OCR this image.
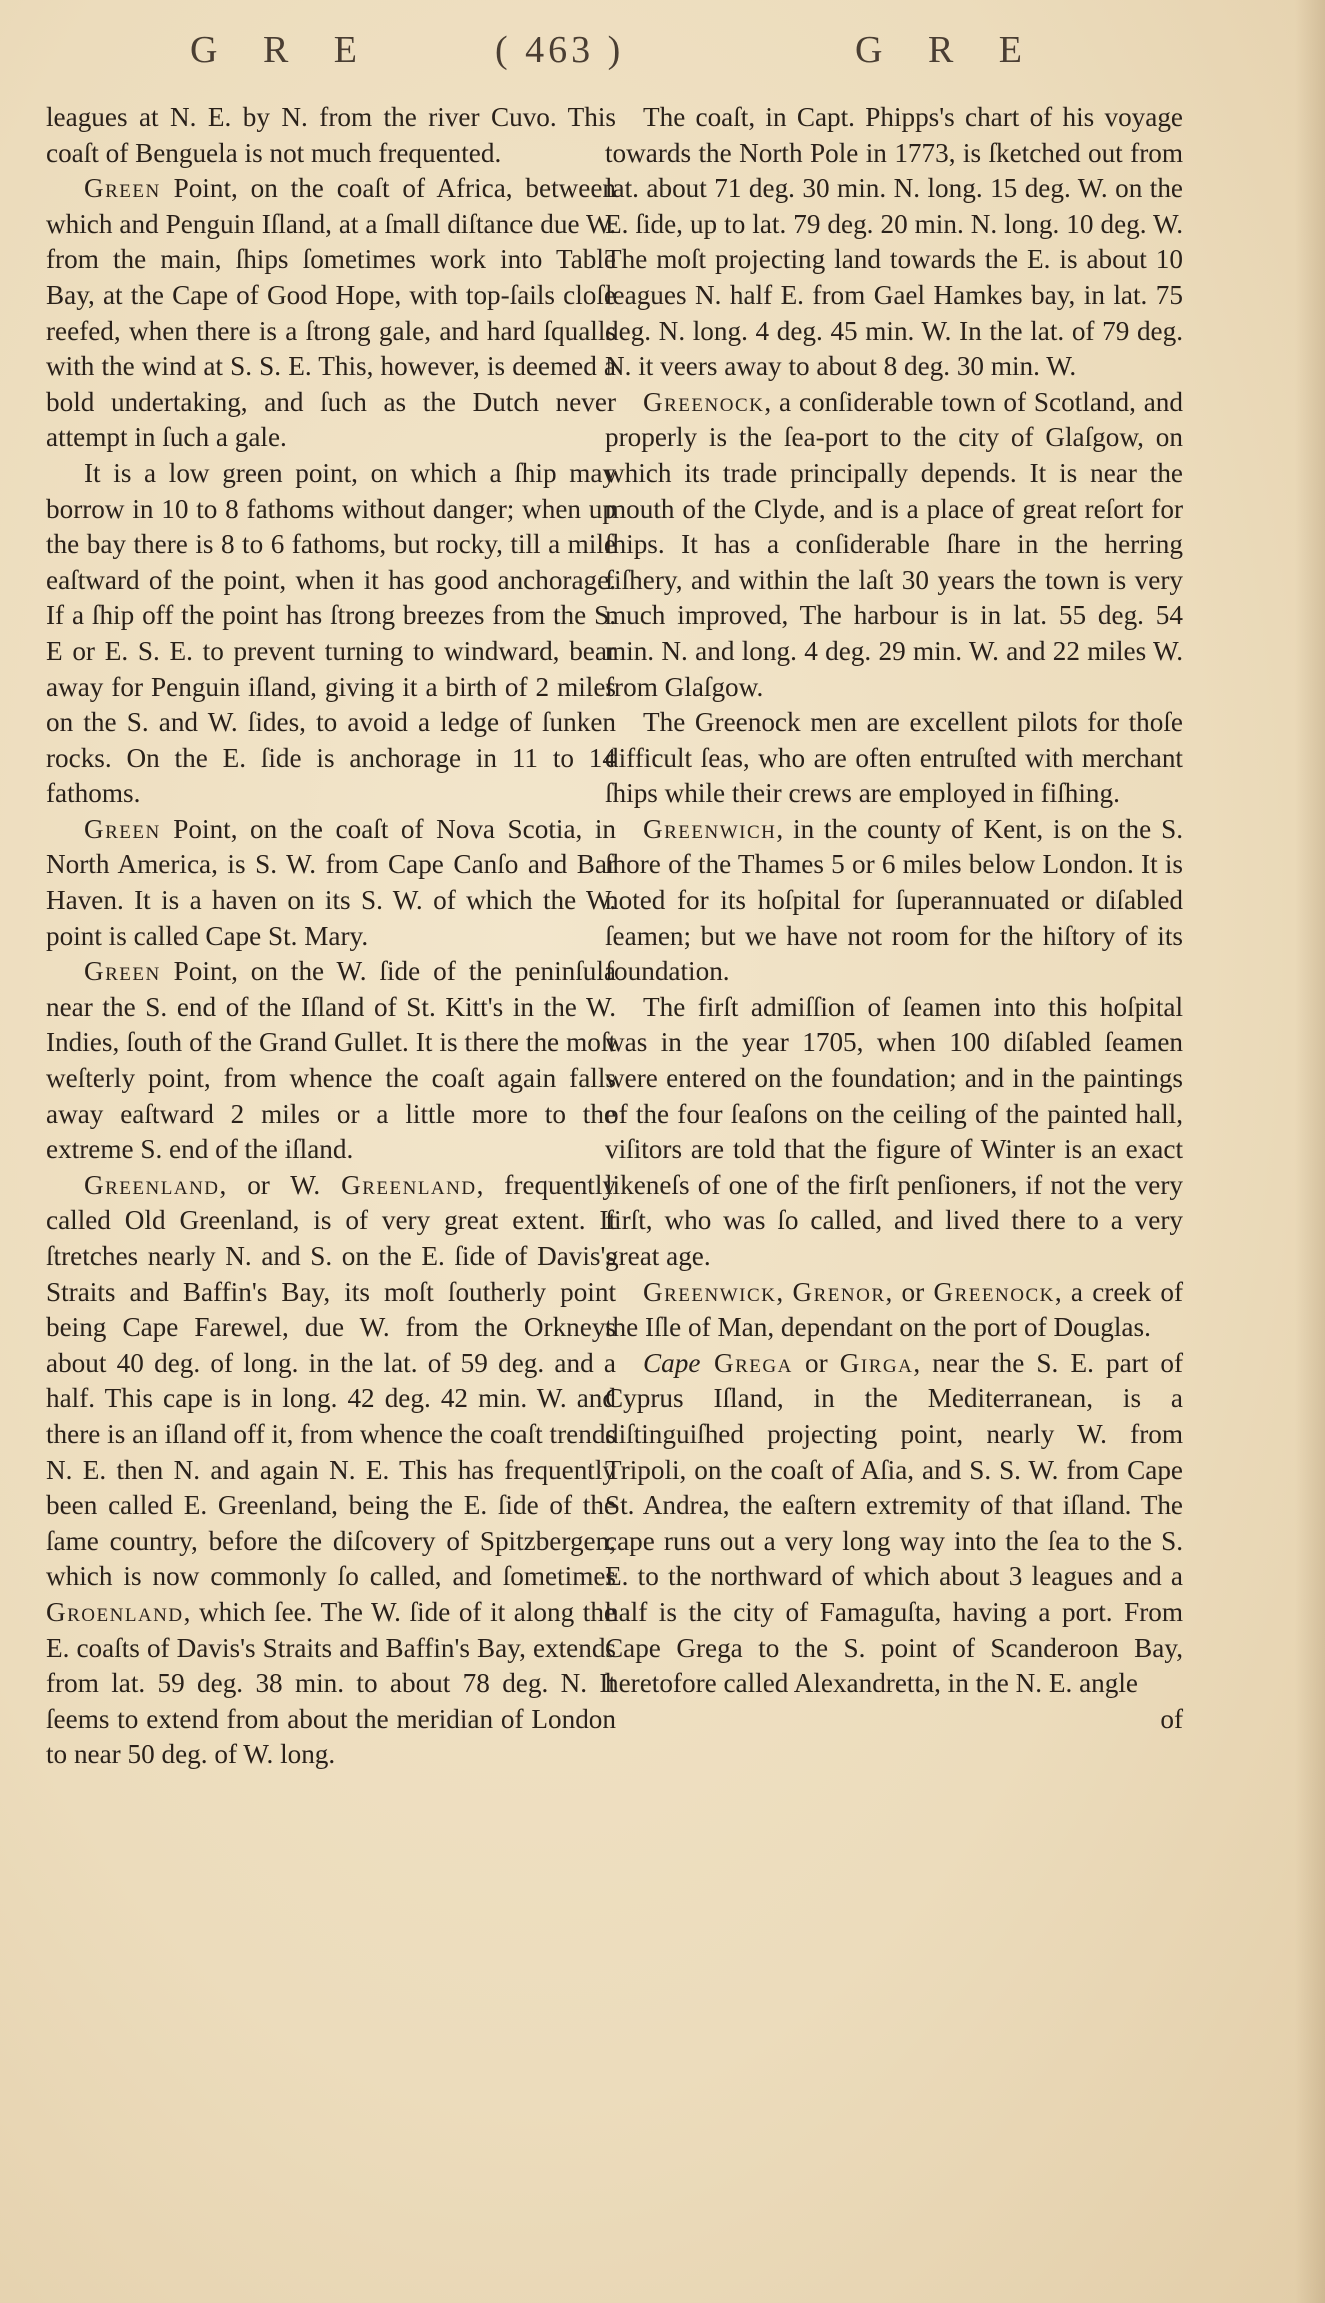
G R E	( 463 )	G R E

leagues at N. E. by N. from the river Cuvo. This coaſt of Benguela is not much frequented.

Green Point, on the coaſt of Africa, between which and Penguin Iſland, at a ſmall diſtance due W. from the main, ſhips ſometimes work into Table Bay, at the Cape of Good Hope, with top-ſails cloſe reefed, when there is a ſtrong gale, and hard ſqualls with the wind at S. S. E. This, however, is deemed a bold undertaking, and ſuch as the Dutch never attempt in ſuch a gale.

It is a low green point, on which a ſhip may borrow in 10 to 8 fathoms without danger; when up the bay there is 8 to 6 fathoms, but rocky, till a mile eaſtward of the point, when it has good anchorage. If a ſhip off the point has ſtrong breezes from the S. E or E. S. E. to prevent turning to windward, bear away for Penguin iſland, giving it a birth of 2 miles on the S. and W. ſides, to avoid a ledge of ſunken rocks. On the E. ſide is anchorage in 11 to 14 fathoms.

Green Point, on the coaſt of Nova Scotia, in North America, is S. W. from Cape Canſo and Bar Haven. It is a haven on its S. W. of which the W. point is called Cape St. Mary.

Green Point, on the W. ſide of the peninſula near the S. end of the Iſland of St. Kitt's in the W. Indies, ſouth of the Grand Gullet. It is there the moſt weſterly point, from whence the coaſt again falls away eaſtward 2 miles or a little more to the extreme S. end of the iſland.

Greenland, or W. Greenland, frequently called Old Greenland, is of very great extent. It ſtretches nearly N. and S. on the E. ſide of Davis's Straits and Baffin's Bay, its moſt ſoutherly point being Cape Farewel, due W. from the Orkneys about 40 deg. of long. in the lat. of 59 deg. and a half. This cape is in long. 42 deg. 42 min. W. and there is an iſland off it, from whence the coaſt trends N. E. then N. and again N. E. This has frequently been called E. Greenland, being the E. ſide of the ſame country, before the diſcovery of Spitzbergen, which is now commonly ſo called, and ſometimes Groenland, which ſee. The W. ſide of it along the E. coaſts of Davis's Straits and Baffin's Bay, extends from lat. 59 deg. 38 min. to about 78 deg. N. It ſeems to extend from about the meridian of London to near 50 deg. of W. long.

The coaſt, in Capt. Phipps's chart of his voyage towards the North Pole in 1773, is ſketched out from lat. about 71 deg. 30 min. N. long. 15 deg. W. on the E. ſide, up to lat. 79 deg. 20 min. N. long. 10 deg. W. The moſt projecting land towards the E. is about 10 leagues N. half E. from Gael Hamkes bay, in lat. 75 deg. N. long. 4 deg. 45 min. W. In the lat. of 79 deg. N. it veers away to about 8 deg. 30 min. W.

Greenock, a conſiderable town of Scotland, and properly is the ſea-port to the city of Glaſgow, on which its trade principally depends. It is near the mouth of the Clyde, and is a place of great reſort for ſhips. It has a conſiderable ſhare in the herring fiſhery, and within the laſt 30 years the town is very much improved, The harbour is in lat. 55 deg. 54 min. N. and long. 4 deg. 29 min. W. and 22 miles W. from Glaſgow.

The Greenock men are excellent pilots for thoſe difficult ſeas, who are often entruſted with merchant ſhips while their crews are employed in fiſhing.

Greenwich, in the county of Kent, is on the S. ſhore of the Thames 5 or 6 miles below London. It is noted for its hoſpital for ſuperannuated or diſabled ſeamen; but we have not room for the hiſtory of its foundation.

The firſt admiſſion of ſeamen into this hoſpital was in the year 1705, when 100 diſabled ſeamen were entered on the foundation; and in the paintings of the four ſeaſons on the ceiling of the painted hall, viſitors are told that the figure of Winter is an exact likeneſs of one of the firſt penſioners, if not the very firſt, who was ſo called, and lived there to a very great age.

Greenwick, Grenor, or Greenock, a creek of the Iſle of Man, dependant on the port of Douglas.

Cape Grega or Girga, near the S. E. part of Cyprus Iſland, in the Mediterranean, is a diſtinguiſhed projecting point, nearly W. from Tripoli, on the coaſt of Aſia, and S. S. W. from Cape St. Andrea, the eaſtern extremity of that iſland. The cape runs out a very long way into the ſea to the S. E. to the northward of which about 3 leagues and a half is the city of Famaguſta, having a port. From Cape Grega to the S. point of Scanderoon Bay, heretofore called Alexandretta, in the N. E. angle

of
